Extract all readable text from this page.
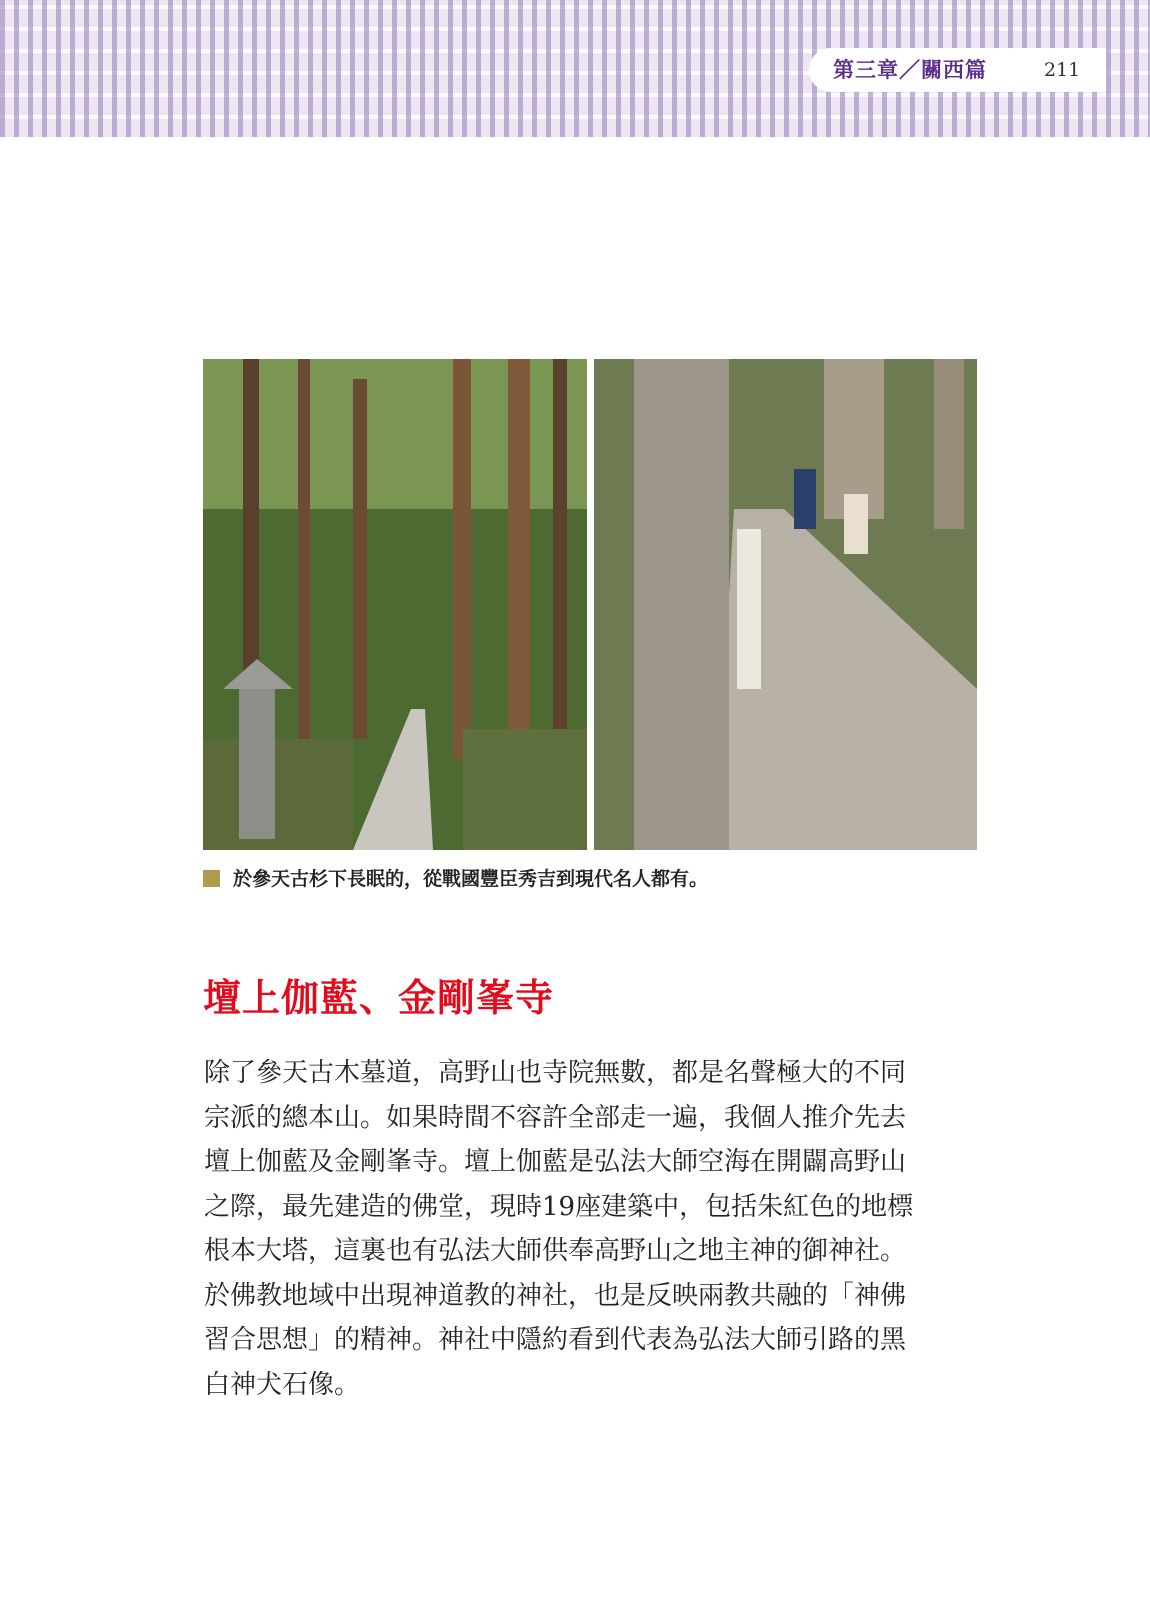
第三章／關西篇	211
於參天古杉下長眠的，從戰國豐臣秀吉到現代名人都有。
壇上伽藍、金剛峯寺

除了參天古木墓道，高野山也寺院無數，都是名聲極大的不同

宗派的總本山。如果時間不容許全部走一遍，我個人推介先去

壇上伽藍及金剛峯寺。壇上伽藍是弘法大師空海在開闢高野山

之際，最先建造的佛堂，現時19座建築中，包括朱紅色的地標

根本大塔，這裏也有弘法大師供奉高野山之地主神的御神社。

於佛教地域中出現神道教的神社，也是反映兩教共融的「神佛

習合思想」的精神。神社中隱約看到代表為弘法大師引路的黑

白神犬石像。
